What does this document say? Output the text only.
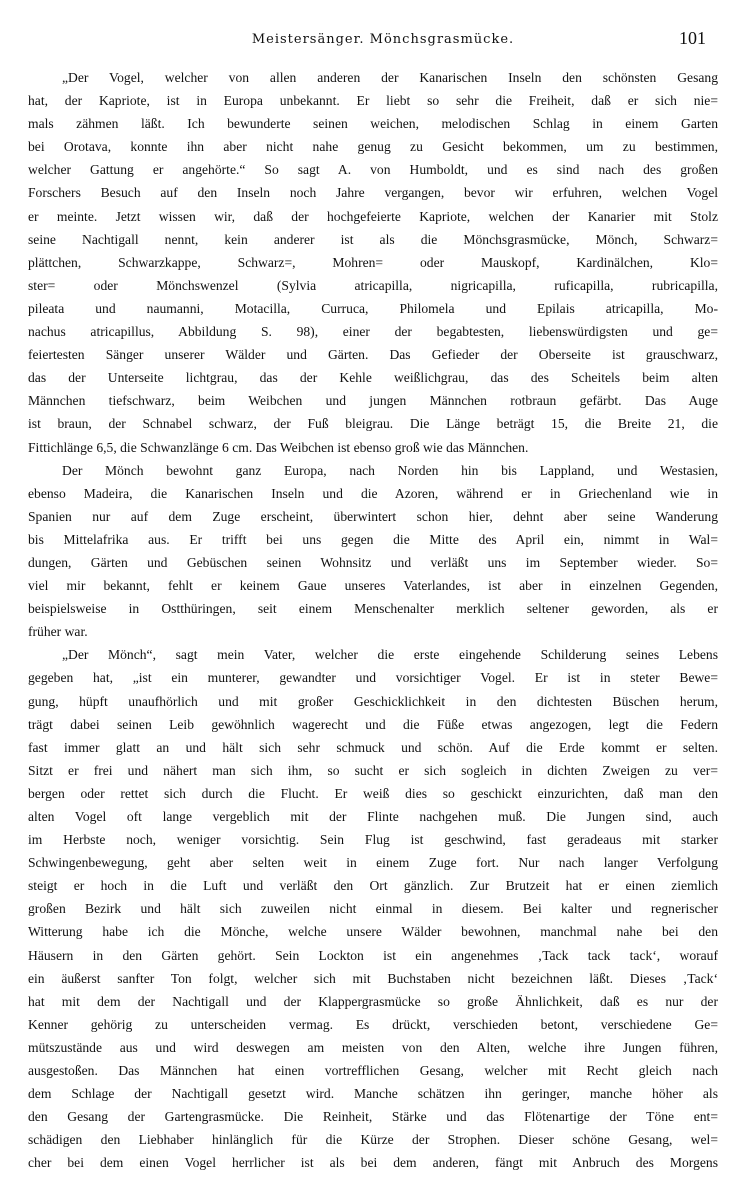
Meistersänger. Mönchsgrasmücke.	101
„Der Vogel, welcher von allen anderen der Kanarischen Inseln den schönsten Gesang
hat, der Kapriote, ist in Europa unbekannt. Er liebt so sehr die Freiheit, daß er sich nie=
mals zähmen läßt. Ich bewunderte seinen weichen, melodischen Schlag in einem Garten
bei Orotava, konnte ihn aber nicht nahe genug zu Gesicht bekommen, um zu bestimmen,
welcher Gattung er angehörte.“ So sagt A. von Humboldt, und es sind nach des großen
Forschers Besuch auf den Inseln noch Jahre vergangen, bevor wir erfuhren, welchen Vogel
er meinte. Jetzt wissen wir, daß der hochgefeierte Kapriote, welchen der Kanarier mit Stolz
seine Nachtigall nennt, kein anderer ist als die Mönchsgrasmücke, Mönch, Schwarz=
plättchen, Schwarzkappe, Schwarz=, Mohren= oder Mauskopf, Kardinälchen, Klo=
ster= oder Mönchswenzel (Sylvia atricapilla, nigricapilla, ruficapilla, rubricapilla,
pileata und naumanni, Motacilla, Curruca, Philomela und Epilais atricapilla, Mo-
nachus atricapillus, Abbildung S. 98), einer der begabtesten, liebenswürdigsten und ge=
feiertesten Sänger unserer Wälder und Gärten. Das Gefieder der Oberseite ist grauschwarz,
das der Unterseite lichtgrau, das der Kehle weißlichgrau, das des Scheitels beim alten
Männchen tiefschwarz, beim Weibchen und jungen Männchen rotbraun gefärbt. Das Auge
ist braun, der Schnabel schwarz, der Fuß bleigrau. Die Länge beträgt 15, die Breite 21, die
Fittichlänge 6,5, die Schwanzlänge 6 cm. Das Weibchen ist ebenso groß wie das Männchen.
Der Mönch bewohnt ganz Europa, nach Norden hin bis Lappland, und Westasien,
ebenso Madeira, die Kanarischen Inseln und die Azoren, während er in Griechenland wie in
Spanien nur auf dem Zuge erscheint, überwintert schon hier, dehnt aber seine Wanderung
bis Mittelafrika aus. Er trifft bei uns gegen die Mitte des April ein, nimmt in Wal=
dungen, Gärten und Gebüschen seinen Wohnsitz und verläßt uns im September wieder. So=
viel mir bekannt, fehlt er keinem Gaue unseres Vaterlandes, ist aber in einzelnen Gegenden,
beispielsweise in Ostthüringen, seit einem Menschenalter merklich seltener geworden, als er
früher war.
„Der Mönch“, sagt mein Vater, welcher die erste eingehende Schilderung seines Lebens
gegeben hat, „ist ein munterer, gewandter und vorsichtiger Vogel. Er ist in steter Bewe=
gung, hüpft unaufhörlich und mit großer Geschicklichkeit in den dichtesten Büschen herum,
trägt dabei seinen Leib gewöhnlich wagerecht und die Füße etwas angezogen, legt die Federn
fast immer glatt an und hält sich sehr schmuck und schön. Auf die Erde kommt er selten.
Sitzt er frei und nähert man sich ihm, so sucht er sich sogleich in dichten Zweigen zu ver=
bergen oder rettet sich durch die Flucht. Er weiß dies so geschickt einzurichten, daß man den
alten Vogel oft lange vergeblich mit der Flinte nachgehen muß. Die Jungen sind, auch
im Herbste noch, weniger vorsichtig. Sein Flug ist geschwind, fast geradeaus mit starker
Schwingenbewegung, geht aber selten weit in einem Zuge fort. Nur nach langer Verfolgung
steigt er hoch in die Luft und verläßt den Ort gänzlich. Zur Brutzeit hat er einen ziemlich
großen Bezirk und hält sich zuweilen nicht einmal in diesem. Bei kalter und regnerischer
Witterung habe ich die Mönche, welche unsere Wälder bewohnen, manchmal nahe bei den
Häusern in den Gärten gehört. Sein Lockton ist ein angenehmes ‚Tack tack tack‘, worauf
ein äußerst sanfter Ton folgt, welcher sich mit Buchstaben nicht bezeichnen läßt. Dieses ‚Tack‘
hat mit dem der Nachtigall und der Klappergrasmücke so große Ähnlichkeit, daß es nur der
Kenner gehörig zu unterscheiden vermag. Es drückt, verschieden betont, verschiedene Ge=
mütszustände aus und wird deswegen am meisten von den Alten, welche ihre Jungen führen,
ausgestoßen. Das Männchen hat einen vortrefflichen Gesang, welcher mit Recht gleich nach
dem Schlage der Nachtigall gesetzt wird. Manche schätzen ihn geringer, manche höher als
den Gesang der Gartengrasmücke. Die Reinheit, Stärke und das Flötenartige der Töne ent=
schädigen den Liebhaber hinlänglich für die Kürze der Strophen. Dieser schöne Gesang, wel=
cher bei dem einen Vogel herrlicher ist als bei dem anderen, fängt mit Anbruch des Morgens
